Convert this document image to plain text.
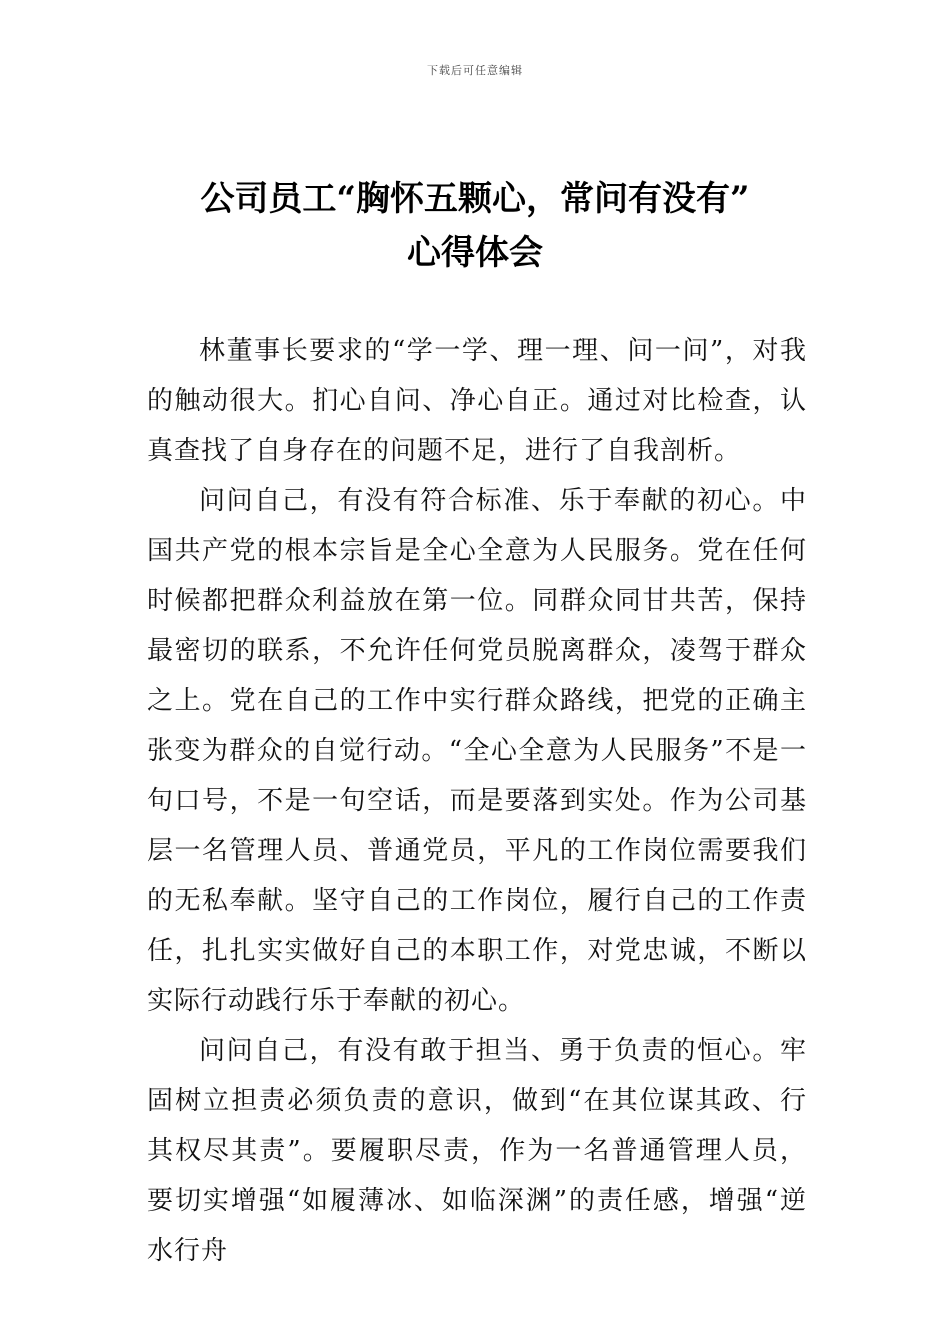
下载后可任意编辑
公司员工“胸怀五颗心，常问有没有”
心得体会

林董事长要求的“学一学、理一理、问一问”，对我的触动很大。扪心自问、净心自正。通过对比检查，认真查找了自身存在的问题不足，进行了自我剖析。

问问自己，有没有符合标准、乐于奉献的初心。中国共产党的根本宗旨是全心全意为人民服务。党在任何时候都把群众利益放在第一位。同群众同甘共苦，保持最密切的联系，不允许任何党员脱离群众，凌驾于群众之上。党在自己的工作中实行群众路线，把党的正确主张变为群众的自觉行动。“全心全意为人民服务”不是一句口号，不是一句空话，而是要落到实处。作为公司基层一名管理人员、普通党员，平凡的工作岗位需要我们的无私奉献。坚守自己的工作岗位，履行自己的工作责任，扎扎实实做好自己的本职工作，对党忠诚，不断以实际行动践行乐于奉献的初心。

问问自己，有没有敢于担当、勇于负责的恒心。牢固树立担责必须负责的意识，做到“在其位谋其政、行其权尽其责”。要履职尽责，作为一名普通管理人员，要切实增强“如履薄冰、如临深渊”的责任感，增强“逆水行舟
